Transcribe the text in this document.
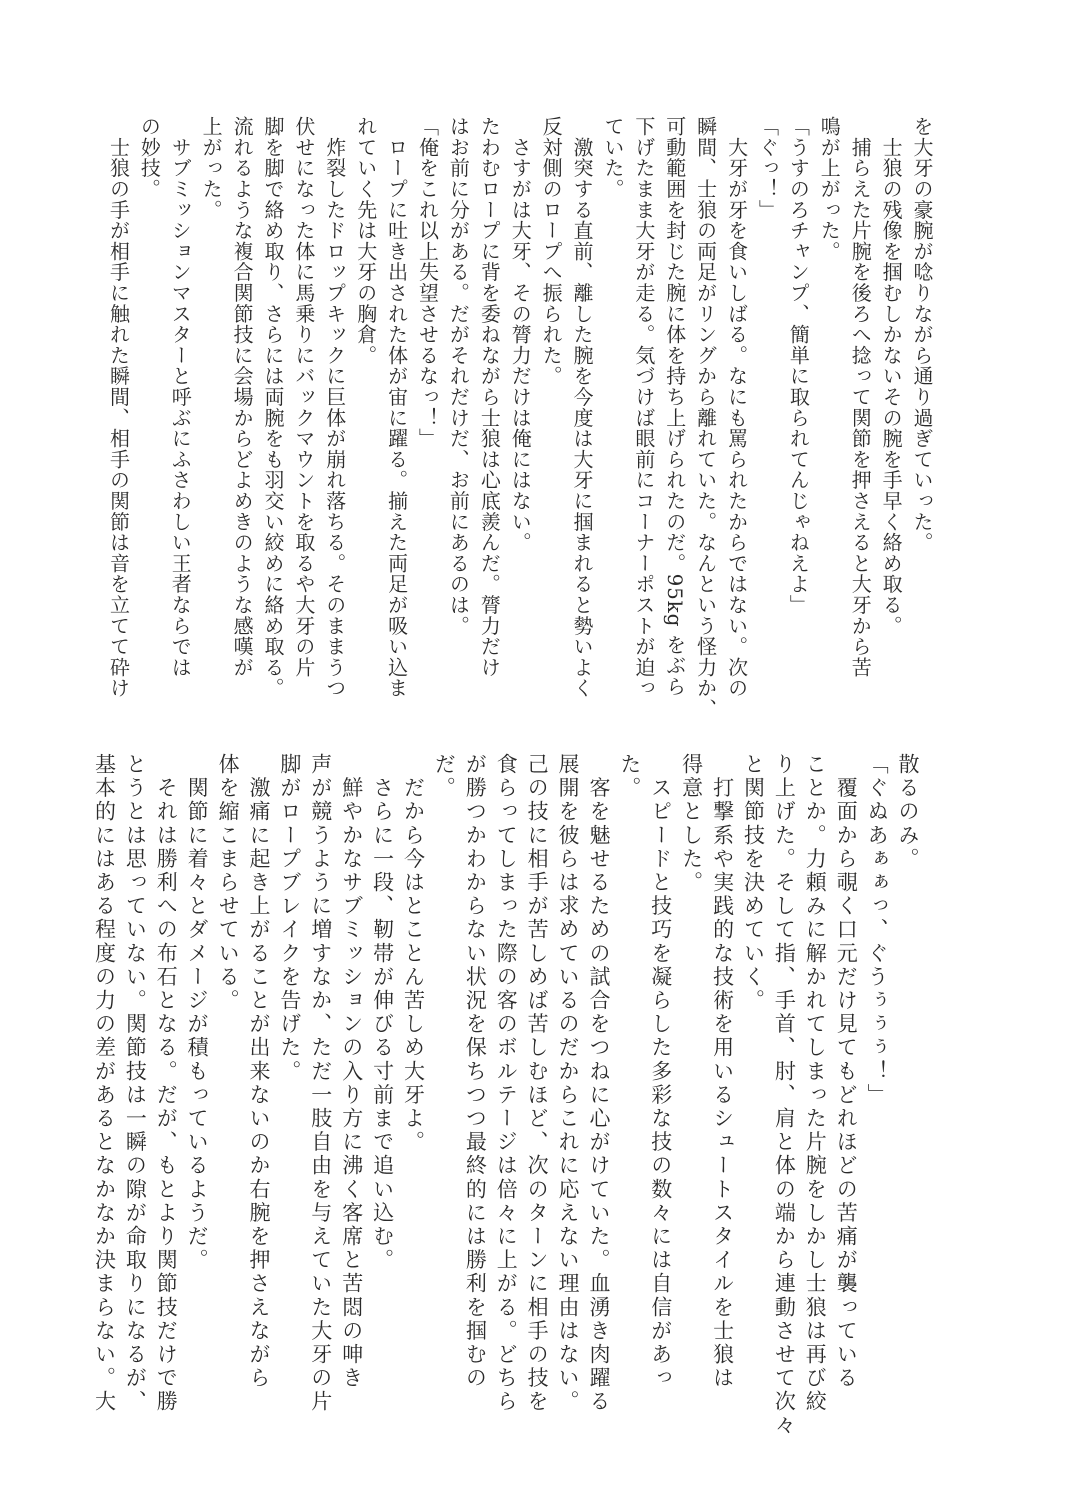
を大牙の豪腕が唸りながら通り過ぎていった。

　士狼の残像を掴むしかないその腕を手早く絡め取る。

　捕らえた片腕を後ろへ捻って関節を押さえると大牙から苦

鳴が上がった。

「うすのろチャンプ、簡単に取られてんじゃねえよ」

「ぐっ！」

　大牙が牙を食いしばる。なにも罵られたからではない。次の

瞬間、士狼の両足がリングから離れていた。なんという怪力か、

可動範囲を封じた腕に体を持ち上げられたのだ。95kg をぶら

下げたまま大牙が走る。気づけば眼前にコーナーポストが迫っ

ていた。

　激突する直前、離した腕を今度は大牙に掴まれると勢いよく

反対側のロープへ振られた。

　さすがは大牙、その膂力だけは俺にはない。

たわむロープに背を委ねながら士狼は心底羨んだ。膂力だけ

はお前に分がある。だがそれだけだ、お前にあるのは。

「俺をこれ以上失望させるなっ！」

　ロープに吐き出された体が宙に躍る。揃えた両足が吸い込ま

れていく先は大牙の胸倉。

　炸裂したドロップキックに巨体が崩れ落ちる。そのままうつ

伏せになった体に馬乗りにバックマウントを取るや大牙の片

脚を脚で絡め取り、さらには両腕をも羽交い絞めに絡め取る。

流れるような複合関節技に会場からどよめきのような感嘆が

上がった。

　サブミッションマスターと呼ぶにふさわしい王者ならでは

の妙技。

　士狼の手が相手に触れた瞬間、相手の関節は音を立てて砕け

散るのみ。

「ぐぬあぁぁっ、ぐうぅぅぅ！」

　覆面から覗く口元だけ見てもどれほどの苦痛が襲っている

ことか。力頼みに解かれてしまった片腕をしかし士狼は再び絞

り上げた。そして指、手首、肘、肩と体の端から連動させて次々

と関節技を決めていく。

　打撃系や実践的な技術を用いるシュートスタイルを士狼は

得意とした。

　スピードと技巧を凝らした多彩な技の数々には自信があっ

た。

　客を魅せるための試合をつねに心がけていた。血湧き肉躍る

展開を彼らは求めているのだからこれに応えない理由はない。

己の技に相手が苦しめば苦しむほど、次のターンに相手の技を

食らってしまった際の客のボルテージは倍々に上がる。どちら

が勝つかわからない状況を保ちつつ最終的には勝利を掴むの

だ。

　だから今はとことん苦しめ大牙よ。

　さらに一段、靭帯が伸びる寸前まで追い込む。

　鮮やかなサブミッションの入り方に沸く客席と苦悶の呻き

声が競うように増すなか、ただ一肢自由を与えていた大牙の片

脚がロープブレイクを告げた。

　激痛に起き上がることが出来ないのか右腕を押さえながら

体を縮こまらせている。

　関節に着々とダメージが積もっているようだ。

　それは勝利への布石となる。だが、もとより関節技だけで勝

とうとは思っていない。関節技は一瞬の隙が命取りになるが、

基本的にはある程度の力の差があるとなかなか決まらない。大
